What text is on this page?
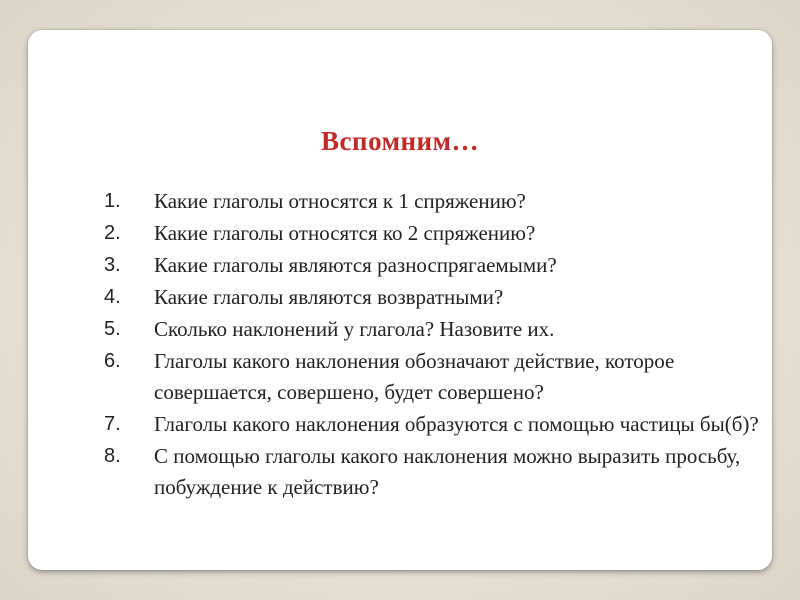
Вспомним…
1. Какие глаголы относятся к 1 спряжению?
2. Какие глаголы относятся ко 2 спряжению?
3. Какие глаголы являются разноспрягаемыми?
4. Какие глаголы являются возвратными?
5. Сколько наклонений у глагола? Назовите их.
6. Глаголы какого наклонения обозначают действие, которое совершается, совершено, будет совершено?
7. Глаголы какого наклонения образуются с помощью частицы бы(б)?
8. С помощью глаголы какого наклонения можно выразить просьбу, побуждение к действию?
